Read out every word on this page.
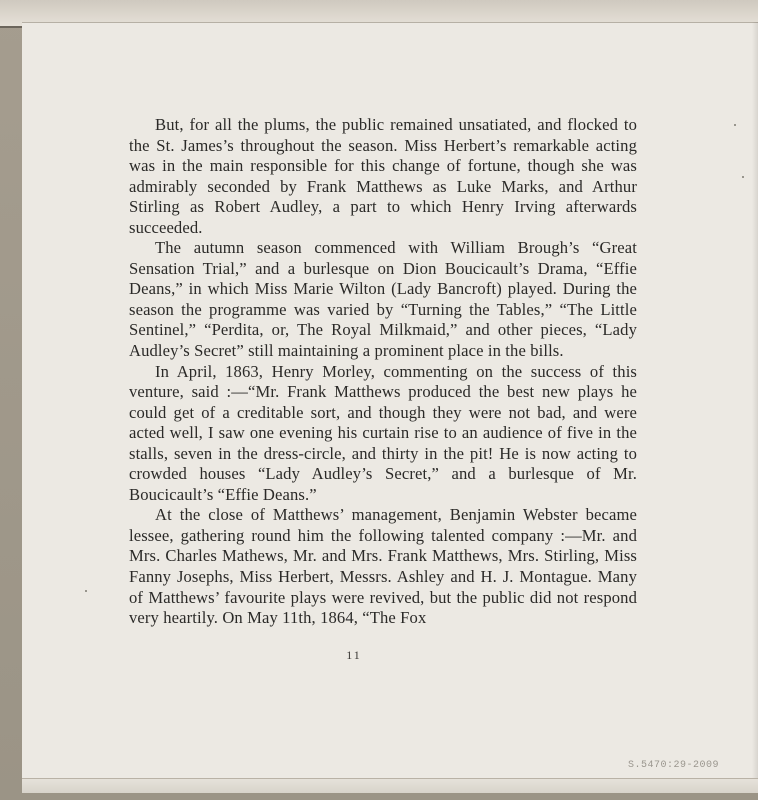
But, for all the plums, the public remained unsatiated, and flocked to the St. James’s throughout the season. Miss Herbert’s remarkable acting was in the main responsible for this change of fortune, though she was admirably seconded by Frank Matthews as Luke Marks, and Arthur Stirling as Robert Audley, a part to which Henry Irving afterwards succeeded.

The autumn season commenced with William Brough’s “Great Sensation Trial,” and a burlesque on Dion Boucicault’s Drama, “Effie Deans,” in which Miss Marie Wilton (Lady Bancroft) played. During the season the programme was varied by “Turning the Tables,” “The Little Sentinel,” “Perdita, or, The Royal Milkmaid,” and other pieces, “Lady Audley’s Secret” still maintaining a prominent place in the bills.

In April, 1863, Henry Morley, commenting on the success of this venture, said :—“Mr. Frank Matthews produced the best new plays he could get of a creditable sort, and though they were not bad, and were acted well, I saw one evening his curtain rise to an audience of five in the stalls, seven in the dress-circle, and thirty in the pit! He is now acting to crowded houses “Lady Audley’s Secret,” and a burlesque of Mr. Boucicault’s “Effie Deans.”

At the close of Matthews’ management, Benjamin Webster became lessee, gathering round him the following talented company :—Mr. and Mrs. Charles Mathews, Mr. and Mrs. Frank Matthews, Mrs. Stirling, Miss Fanny Josephs, Miss Herbert, Messrs. Ashley and H. J. Montague. Many of Matthews’ favourite plays were revived, but the public did not respond very heartily. On May 11th, 1864, “The Fox

11
S.5470:29-2009
